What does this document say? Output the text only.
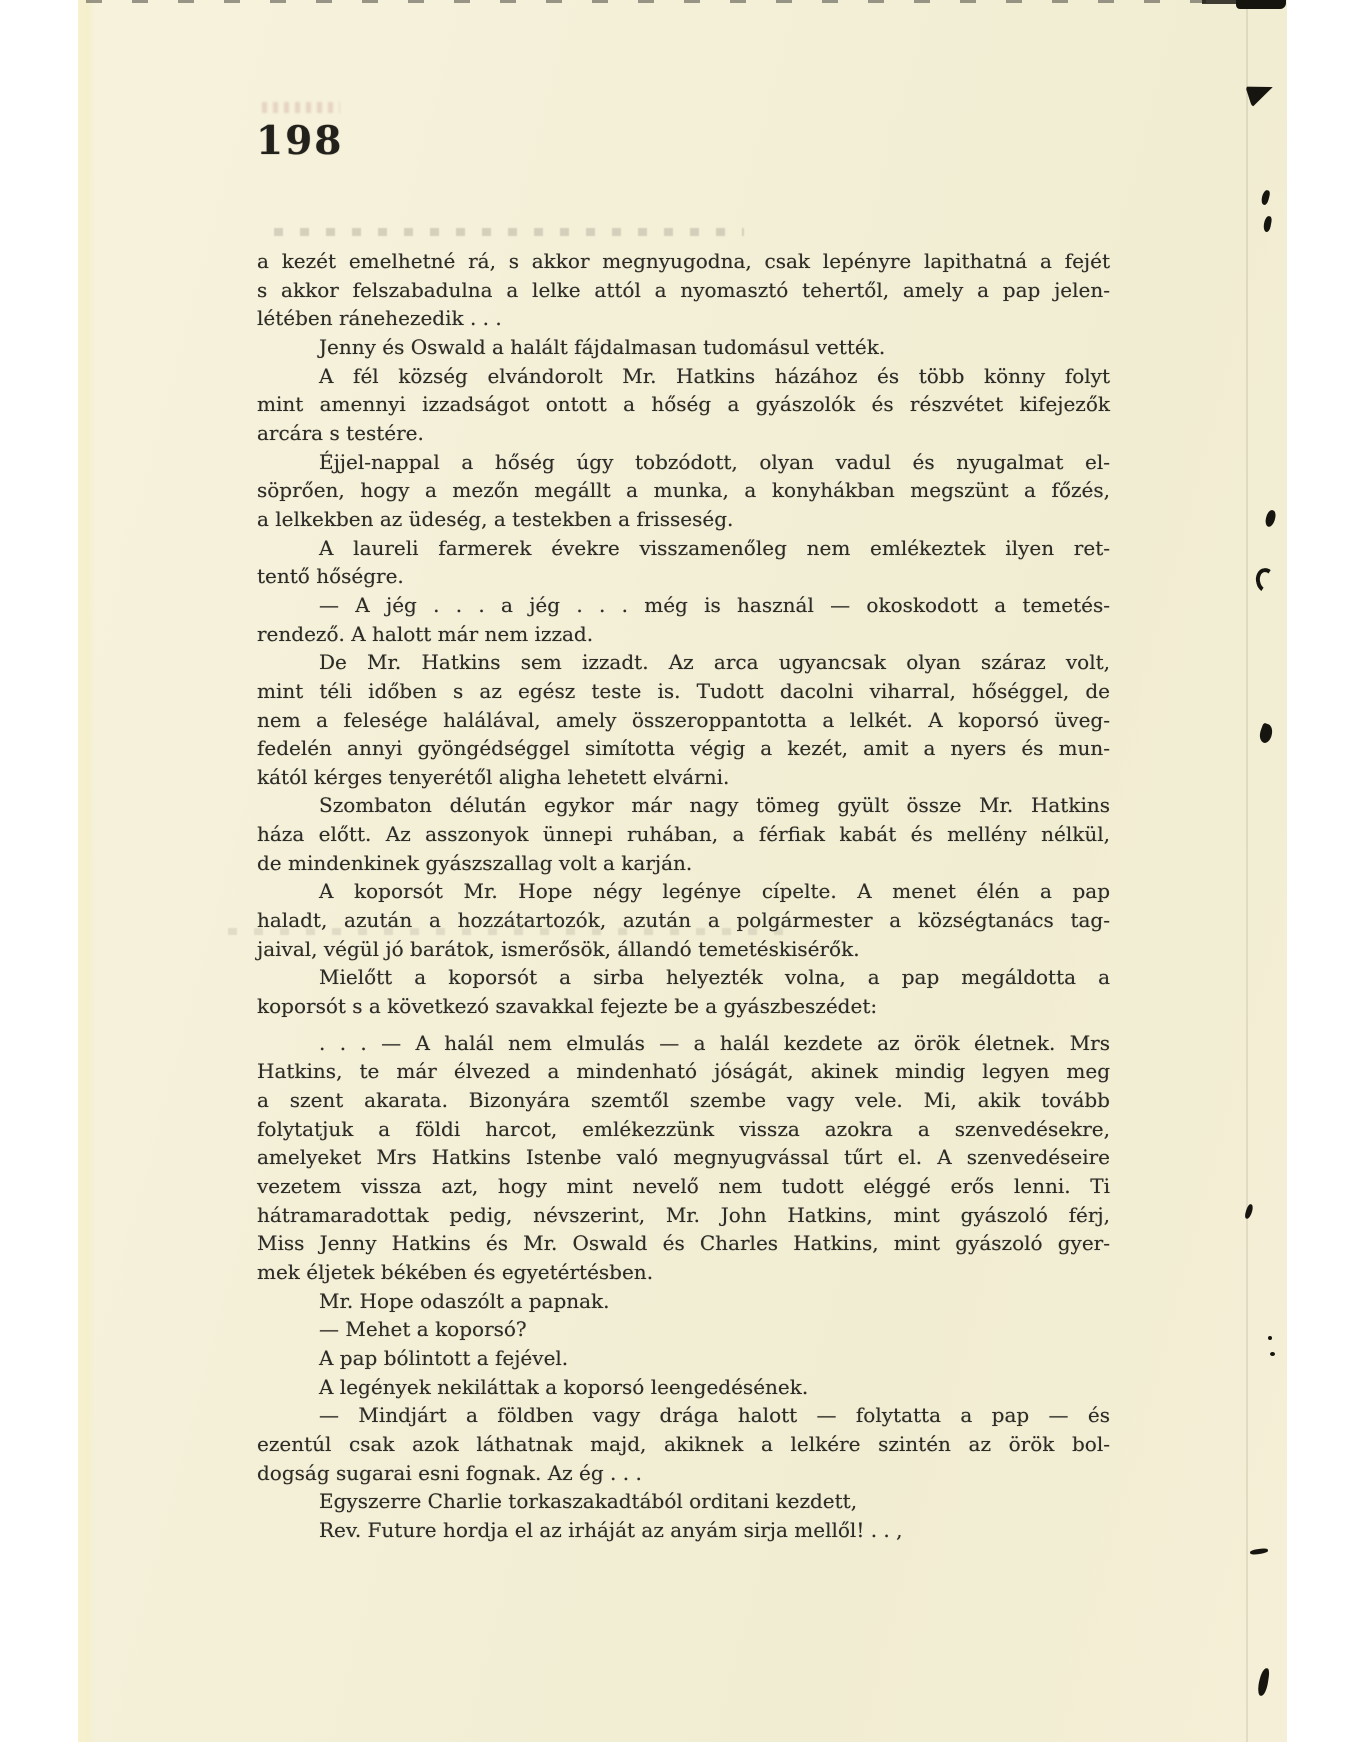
198
a kezét emelhetné rá, s akkor megnyugodna, csak lepényre lapithatná a fejét
s akkor felszabadulna a lelke attól a nyomasztó tehertől, amely a pap jelen-
létében ránehezedik . . .
Jenny és Oswald a halált fájdalmasan tudomásul vették.
A fél község elvándorolt Mr. Hatkins házához és több könny folyt
mint amennyi izzadságot ontott a hőség a gyászolók és részvétet kifejezők
arcára s testére.
Éjjel-nappal a hőség úgy tobzódott, olyan vadul és nyugalmat el-
söprően, hogy a mezőn megállt a munka, a konyhákban megszünt a főzés,
a lelkekben az üdeség, a testekben a frisseség.
A laureli farmerek évekre visszamenőleg nem emlékeztek ilyen ret-
tentő hőségre.
— A jég . . . a jég . . . még is használ — okoskodott a temetés-
rendező. A halott már nem izzad.
De Mr. Hatkins sem izzadt. Az arca ugyancsak olyan száraz volt,
mint téli időben s az egész teste is. Tudott dacolni viharral, hőséggel, de
nem a felesége halálával, amely összeroppantotta a lelkét. A koporsó üveg-
fedelén annyi gyöngédséggel simította végig a kezét, amit a nyers és mun-
kától kérges tenyerétől aligha lehetett elvárni.
Szombaton délután egykor már nagy tömeg gyült össze Mr. Hatkins
háza előtt. Az asszonyok ünnepi ruhában, a férfiak kabát és mellény nélkül,
de mindenkinek gyászszallag volt a karján.
A koporsót Mr. Hope négy legénye cípelte. A menet élén a pap
haladt, azután a hozzátartozók, azután a polgármester a községtanács tag-
jaival, végül jó barátok, ismerősök, állandó temetéskisérők.
Mielőtt a koporsót a sirba helyezték volna, a pap megáldotta a
koporsót s a következó szavakkal fejezte be a gyászbeszédet:
. . . — A halál nem elmulás — a halál kezdete az örök életnek. Mrs
Hatkins, te már élvezed a mindenható jóságát, akinek mindig legyen meg
a szent akarata. Bizonyára szemtől szembe vagy vele. Mi, akik tovább
folytatjuk a földi harcot, emlékezzünk vissza azokra a szenvedésekre,
amelyeket Mrs Hatkins Istenbe való megnyugvással tűrt el. A szenvedéseire
vezetem vissza azt, hogy mint nevelő nem tudott eléggé erős lenni. Ti
hátramaradottak pedig, névszerint, Mr. John Hatkins, mint gyászoló férj,
Miss Jenny Hatkins és Mr. Oswald és Charles Hatkins, mint gyászoló gyer-
mek éljetek békében és egyetértésben.
Mr. Hope odaszólt a papnak.
— Mehet a koporsó?
A pap bólintott a fejével.
A legények nekiláttak a koporsó leengedésének.
— Mindjárt a földben vagy drága halott — folytatta a pap — és
ezentúl csak azok láthatnak majd, akiknek a lelkére szintén az örök bol-
dogság sugarai esni fognak. Az ég . . .
Egyszerre Charlie torkaszakadtából orditani kezdett,
Rev. Future hordja el az irháját az anyám sirja mellől! . . ,
